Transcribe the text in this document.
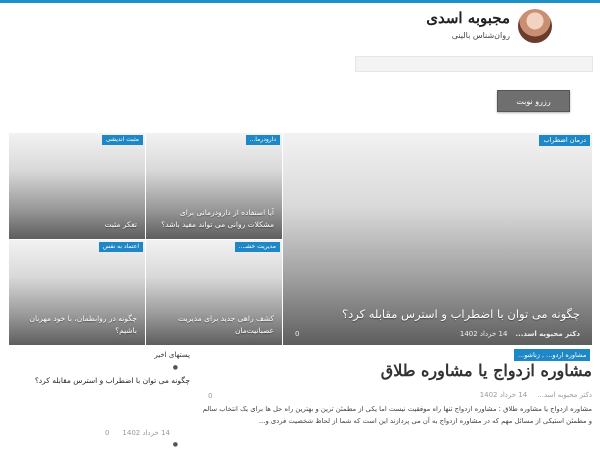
مجبوبه اسدی
روان‌شناس بالینی
رزرو نوبت
درمان اضطراب
چگونه می توان با اضطراب و استرس مقابله کرد؟
دکتر محبوبه اسد...
14 خرداد 1402
0
دارودرما...
آیا استفاده از دارودرمانی برای مشکلات روانی می تواند مفید باشد؟
مثبت اندیشی
تفکر مثبت
مدیریت خشـ...
کشف راهی جدید برای مدیریت عصبانیت‌مان
اعتماد به نفس
چگونه در روابطمان، با خود مهربان باشیم؟
پستهای اخیر
●
چگونه می توان با اضطراب و استرس مقابله کرد؟
0
14 خرداد 1402
0
●
مشاوره اردو... , زناشو...
مشاوره ازدواج یا مشاوره طلاق
دکتر محبوبه اسد...
14 خرداد 1402
مشاوره ازدواج یا مشاوره طلاق : مشاوره ازدواج تنها راه موفقیت نیست اما یکی از مطمئن ترین و بهترین راه حل ها برای یک انتخاب سالم و مطمئن استیکی از مسائل مهم که در مشاوره ازدواج به آن می پردازند این است که شما از لحاظ شخصیت فردی و...
